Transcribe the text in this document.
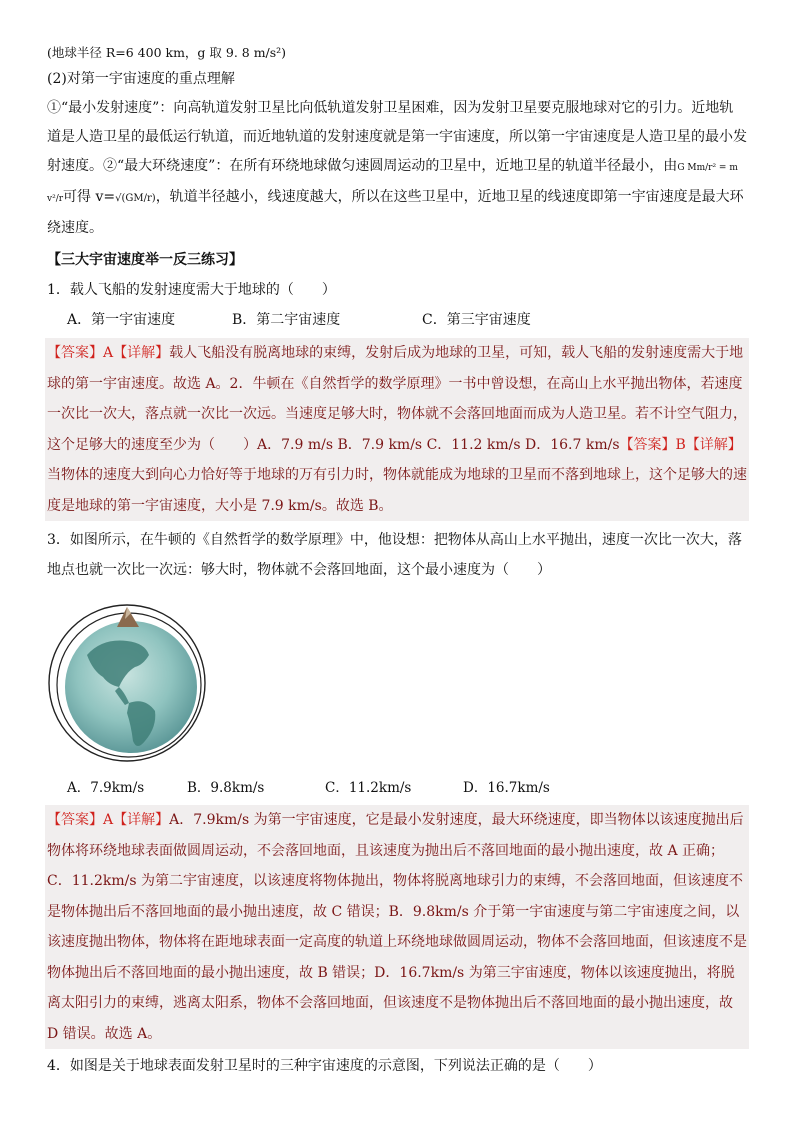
(地球半径 R=6 400 km，g 取 9. 8 m/s²)
(2)对第一宇宙速度的重点理解
①“最小发射速度”：向高轨道发射卫星比向低轨道发射卫星困难，因为发射卫星要克服地球对它的引力。近地轨道是人造卫星的最低运行轨道，而近地轨道的发射速度就是第一宇宙速度，所以第一宇宙速度是人造卫星的最小发射速度。②“最大环绕速度”：在所有环绕地球做匀速圆周运动的卫星中，近地卫星的轨道半径最小，由G Mm/r² = m v²/r可得 v=√(GM/r)，轨道半径越小，线速度越大，所以在这些卫星中，近地卫星的线速度即第一宇宙速度是最大环绕速度。
【三大宇宙速度举一反三练习】
1．载人飞船的发射速度需大于地球的（　　）
A．第一宇宙速度	B．第二宇宙速度	C．第三宇宙速度
【答案】A【详解】载人飞船没有脱离地球的束缚，发射后成为地球的卫星，可知，载人飞船的发射速度需大于地球的第一宇宙速度。故选 A。2．牛顿在《自然哲学的数学原理》一书中曾设想，在高山上水平抛出物体，若速度一次比一次大，落点就一次比一次远。当速度足够大时，物体就不会落回地面而成为人造卫星。若不计空气阻力，这个足够大的速度至少为（　　）A．7.9 m/s B．7.9 km/s C．11.2 km/s D．16.7 km/s【答案】B【详解】当物体的速度大到向心力恰好等于地球的万有引力时，物体就能成为地球的卫星而不落到地球上，这个足够大的速度是地球的第一宇宙速度，大小是 7.9 km/s。故选 B。
3．如图所示，在牛顿的《自然哲学的数学原理》中，他设想：把物体从高山上水平抛出，速度一次比一次大，落地点也就一次比一次远：够大时，物体就不会落回地面，这个最小速度为（　　）
A．7.9km/s	B．9.8km/s	C．11.2km/s	D．16.7km/s
【答案】A【详解】A．7.9km/s 为第一宇宙速度，它是最小发射速度，最大环绕速度，即当物体以该速度抛出后物体将环绕地球表面做圆周运动，不会落回地面，且该速度为抛出后不落回地面的最小抛出速度，故 A 正确；
C．11.2km/s 为第二宇宙速度，以该速度将物体抛出，物体将脱离地球引力的束缚，不会落回地面，但该速度不是物体抛出后不落回地面的最小抛出速度，故 C 错误；B．9.8km/s 介于第一宇宙速度与第二宇宙速度之间，以该速度抛出物体，物体将在距地球表面一定高度的轨道上环绕地球做圆周运动，物体不会落回地面，但该速度不是物体抛出后不落回地面的最小抛出速度，故 B 错误；D．16.7km/s 为第三宇宙速度，物体以该速度抛出，将脱离太阳引力的束缚，逃离太阳系，物体不会落回地面，但该速度不是物体抛出后不落回地面的最小抛出速度，故 D 错误。故选 A。
4．如图是关于地球表面发射卫星时的三种宇宙速度的示意图，下列说法正确的是（　　）
